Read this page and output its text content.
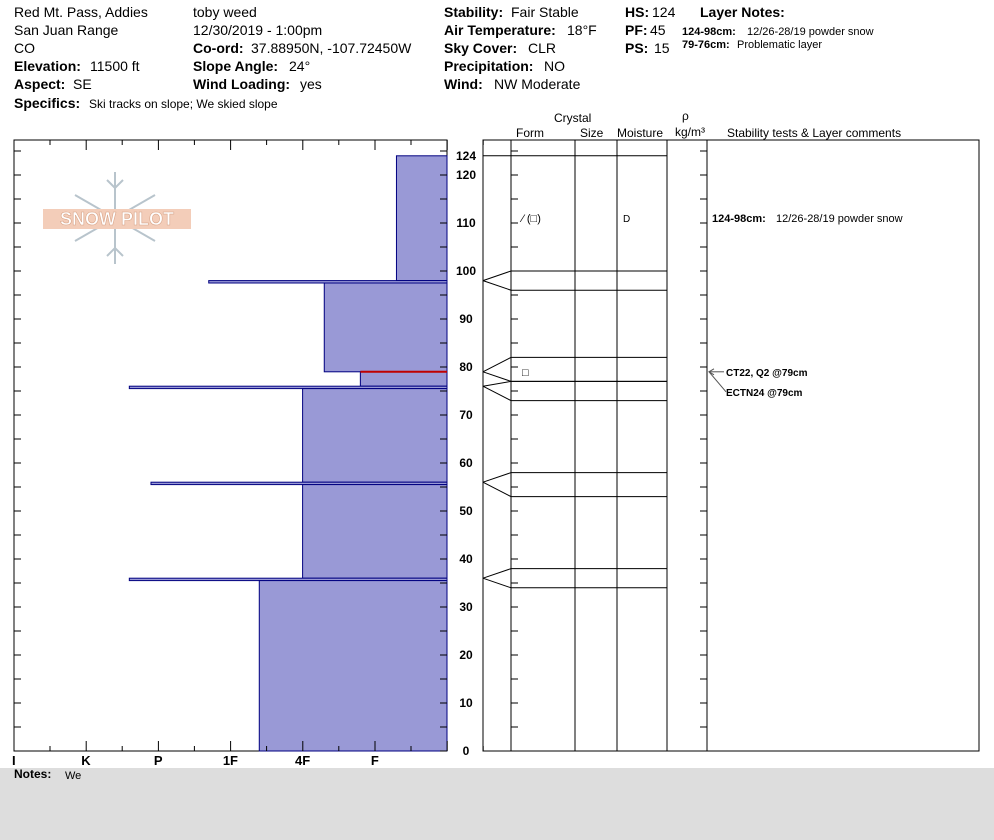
Red Mt. Pass, Addies
San Juan Range
CO
Elevation: 11500 ft
Aspect: SE
Specifics: Ski tracks on slope; We skied slope
toby weed
12/30/2019 - 1:00pm
Co-ord: 37.88950N, -107.72450W
Slope Angle: 24°
Wind Loading: yes
Stability: Fair Stable
Air Temperature: 18°F
Sky Cover: CLR
Precipitation: NO
Wind: NW Moderate
HS: 124
PF: 45
PS: 15
Layer Notes:
124-98cm: 12/26-28/19 powder snow
79-76cm: Problematic layer
Crystal
Form	Size Moisture
ρ
kg/m³ Stability tests & Layer comments
SNOW PILOT
I	K	P	1F	4F	F
0
10
20
30
40
50
60
70
80
90
100
110
120
124
⁄ (□)	D
□
124-98cm: 12/26-28/19 powder snow
CT22, Q2 @79cm
ECTN24 @79cm
Notes: We
